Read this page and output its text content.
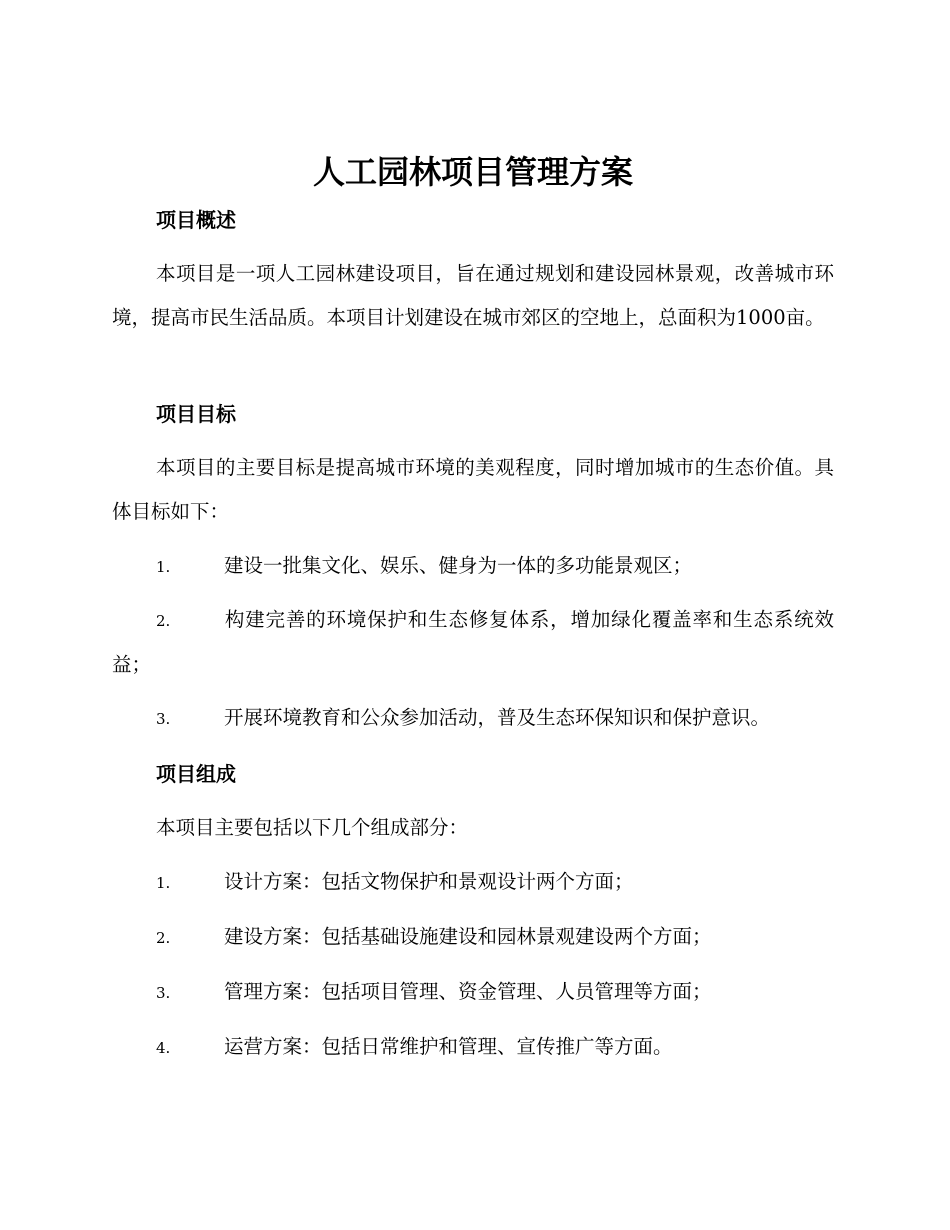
人工园林项目管理方案
项目概述

本项目是一项人工园林建设项目，旨在通过规划和建设园林景观，改善城市环境，提高市民生活品质。本项目计划建设在城市郊区的空地上，总面积为1000亩。

项目目标

本项目的主要目标是提高城市环境的美观程度，同时增加城市的生态价值。具体目标如下：

1.	建设一批集文化、娱乐、健身为一体的多功能景观区；

2.	构建完善的环境保护和生态修复体系，增加绿化覆盖率和生态系统效益；

3.	开展环境教育和公众参加活动，普及生态环保知识和保护意识。

项目组成

本项目主要包括以下几个组成部分：

1.	设计方案：包括文物保护和景观设计两个方面；

2.	建设方案：包括基础设施建设和园林景观建设两个方面；

3.	管理方案：包括项目管理、资金管理、人员管理等方面；

4.	运营方案：包括日常维护和管理、宣传推广等方面。
